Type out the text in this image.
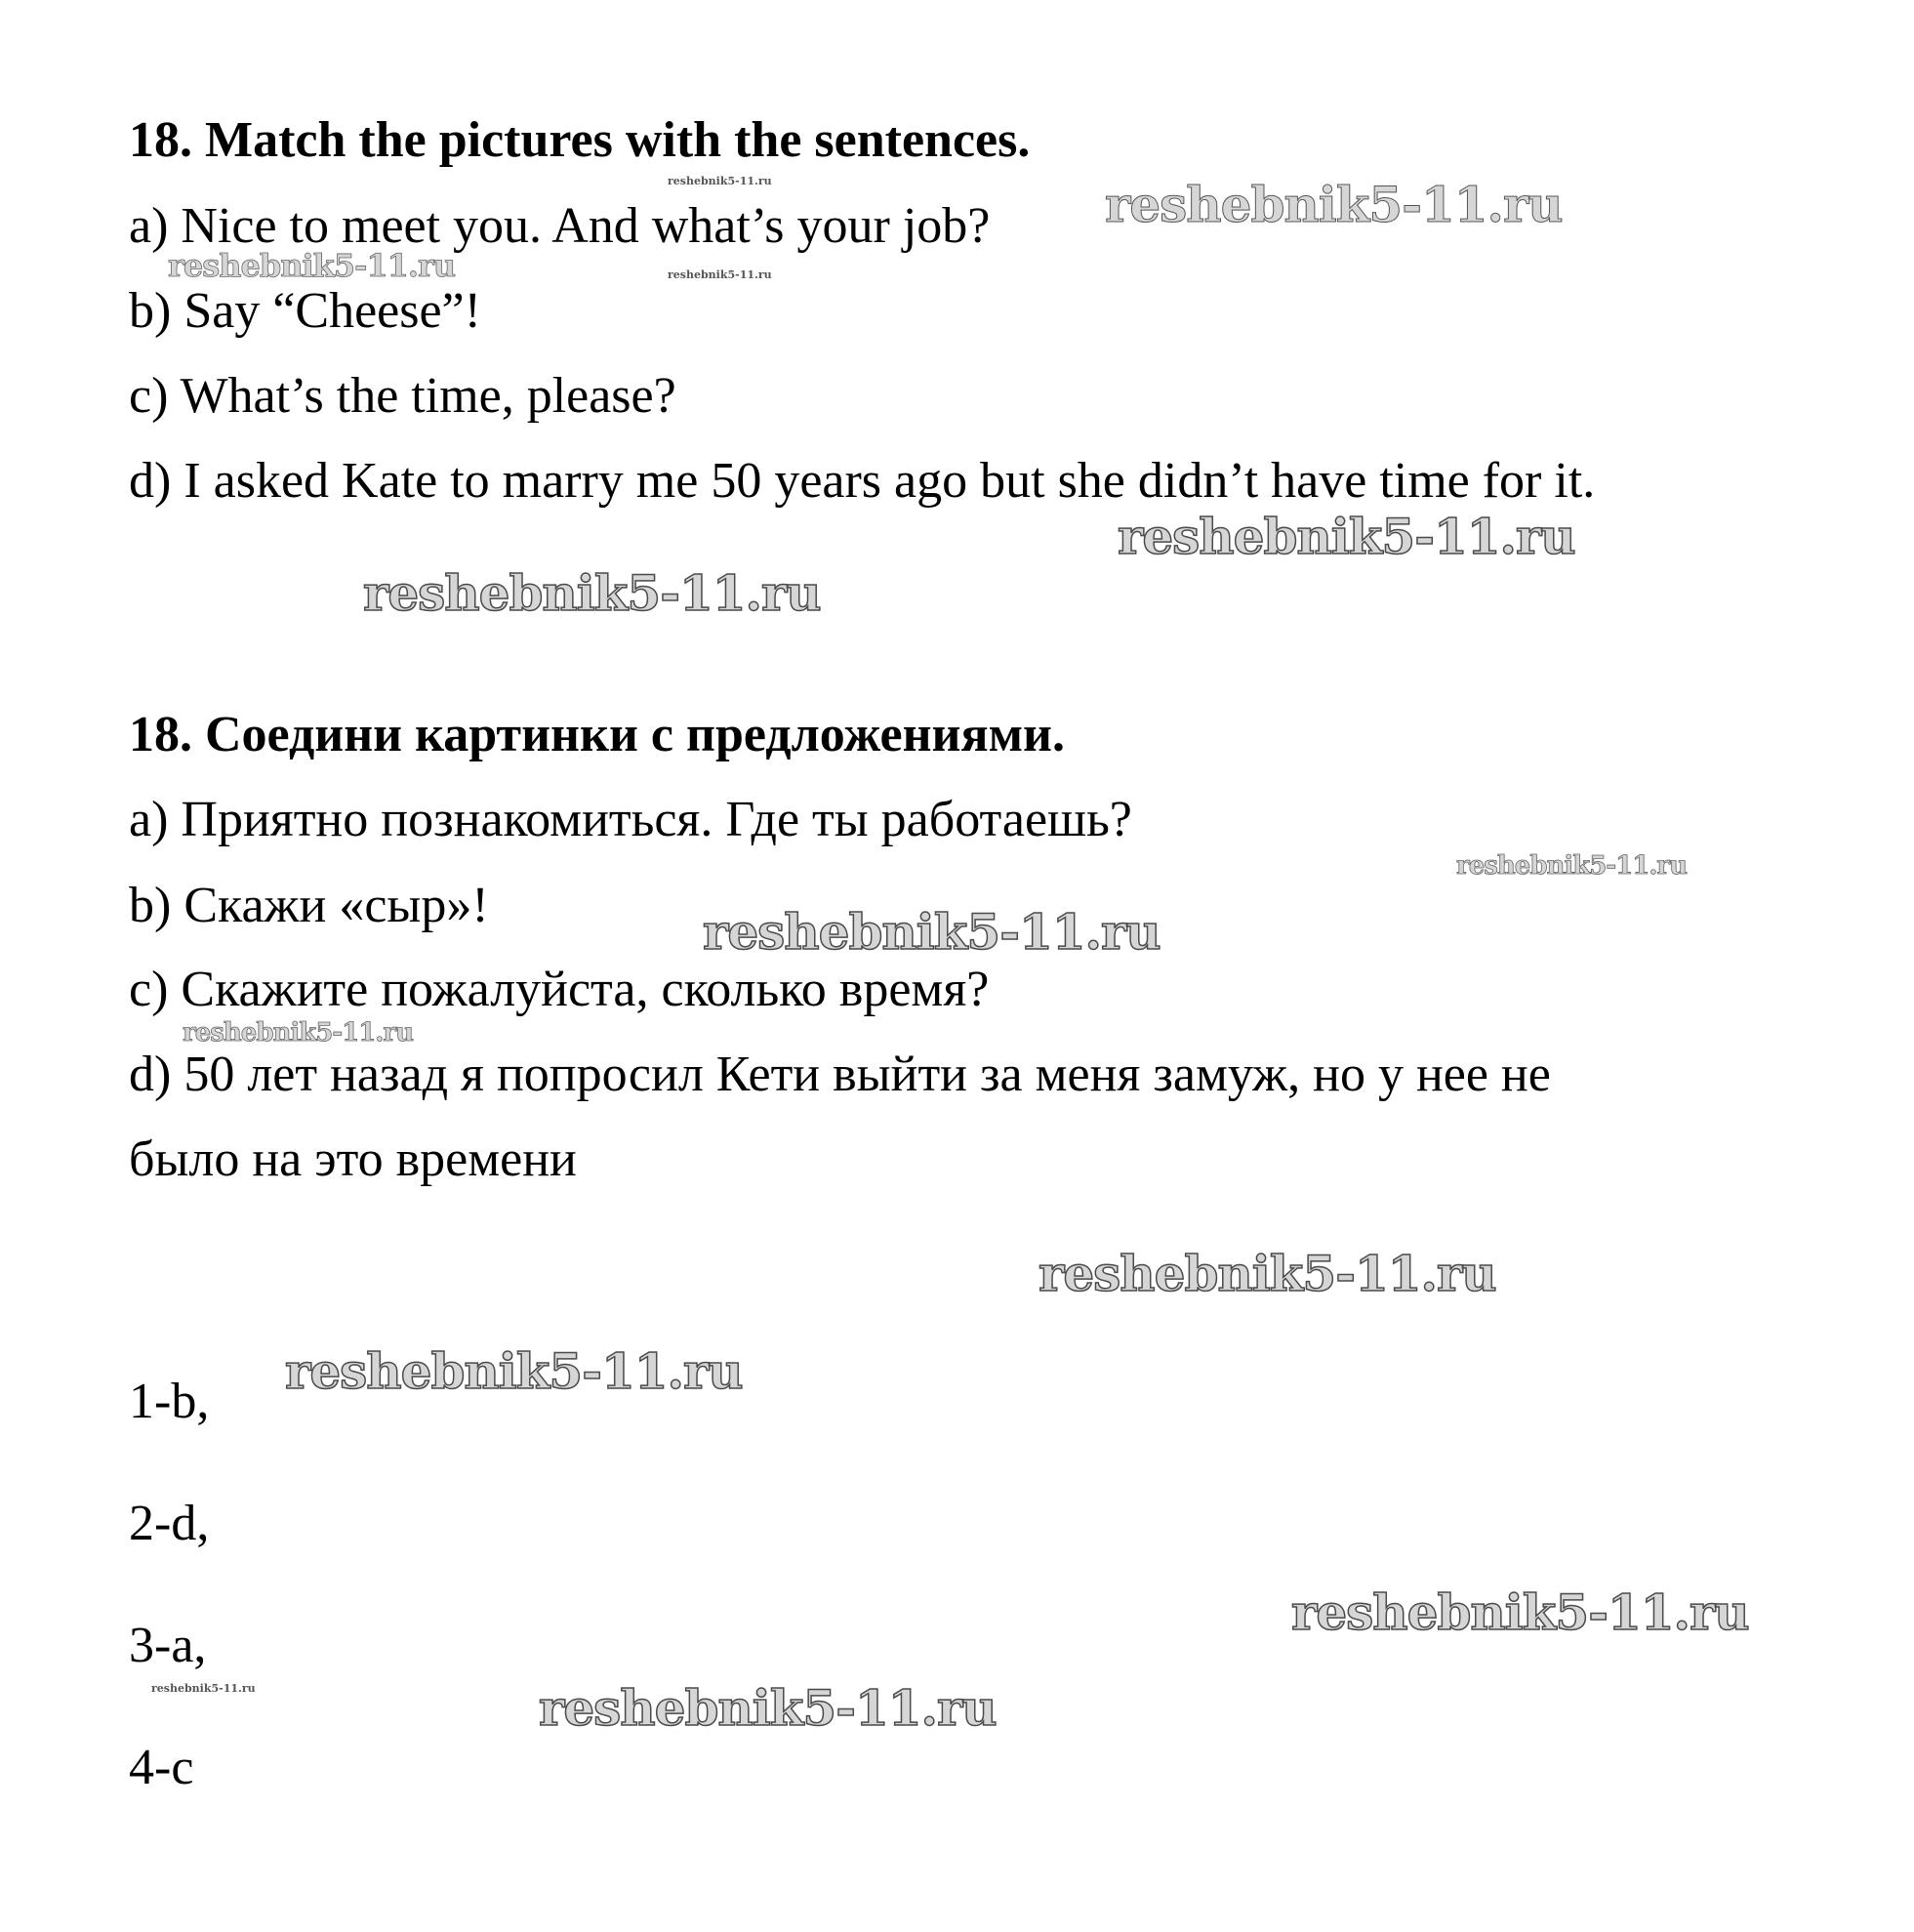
18. Match the pictures with the sentences.
a) Nice to meet you. And what’s your job?
b) Say “Cheese”!
c) What’s the time, please?
d) I asked Kate to marry me 50 years ago but she didn’t have time for it.
18. Соедини картинки с предложениями.
a) Приятно познакомиться. Где ты работаешь?
b) Скажи «сыр»!
c) Скажите пожалуйста, сколько время?
d) 50 лет назад я попросил Кети выйти за меня замуж, но у нее не
было на это времени
1-b,
2-d,
3-a,
4-c
reshebnik5-11.ru	reshebnik5-11.ru
reshebnik5-11.ru	reshebnik5-11.ru
reshebnik5-11.ru
reshebnik5-11.ru
reshebnik5-11.ru
reshebnik5-11.ru
reshebnik5-11.ru
reshebnik5-11.ru
reshebnik5-11.ru
reshebnik5-11.ru
reshebnik5-11.ru	reshebnik5-11.ru
